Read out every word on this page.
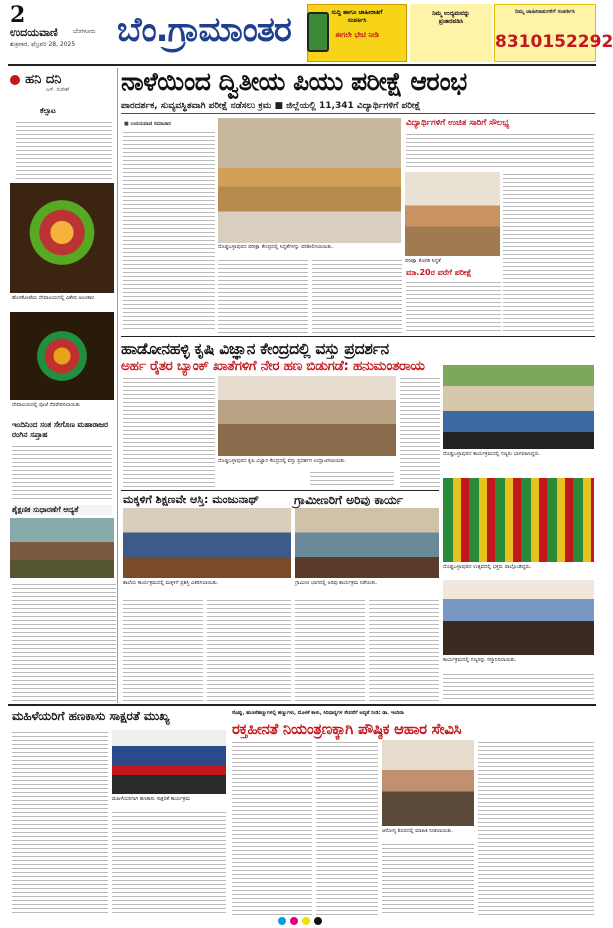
2
ಉದಯವಾಣಿ	ಬೆಂಗಳೂರು
ಶುಕ್ರವಾರ, ಫೆಬ್ರವರಿ 28, 2025 ಬೆಂ.ಗ್ರಾಮಾಂತರ	ಸುದ್ದಿ ಹಾಗೂ ಜಾಹೀರಾತಿಗೆ
ಸಂಪರ್ಕಿಸಿ
ಈಗಲೇ ಭೇಟಿ ನೀಡಿ
ನಿಮ್ಮ ಉದ್ಯಮವನ್ನು
ಪ್ರಚಾರಪಡಿಸಿ
ನಿಮ್ಮ ಜಾಹೀರಾತುಗಳಿಗೆ ಸಂಪರ್ಕಿಸಿ
8310152292
ಹನಿ ದನಿ
ಎಸ್. ಸುರೇಶ್
ಕೆಲ್ಸಾಟ
ಹೊಸಕೋಟೆಯ ದೇವಾಲಯದಲ್ಲಿ ವಿಶೇಷ ಅಲಂಕಾರ
ದೇವಾಲಯದಲ್ಲಿ ಪೂಜೆ ನೆರವೇರಿಸಲಾಯಿತು
ಇಂದಿನಿಂದ ಸಂತ ಸೇಗೊಣ ಮಹಾರಾಜರ ರಂಗಿನ ಸಪ್ತಾಹ
ಶೈಕ್ಷಣಿಕ ಸುಧಾರಣೆಗೆ ಆದ್ಯತೆ
ನಾಳೆಯಿಂದ ದ್ವಿತೀಯ ಪಿಯು ಪರೀಕ್ಷೆ ಆರಂಭ
ಪಾರದರ್ಶಕ, ಸುವ್ಯವಸ್ಥಿತವಾಗಿ ಪರೀಕ್ಷೆ ನಡೆಸಲು ಕ್ರಮ ■ ಜಿಲ್ಲೆಯಲ್ಲಿ 11,341 ವಿದ್ಯಾರ್ಥಿಗಳಿಗೆ ಪರೀಕ್ಷೆ
■ ಉದಯವಾಣಿ ಸಮಾಚಾರ
ದೊಡ್ಡಬಳ್ಳಾಪುರದ ಪರೀಕ್ಷಾ ಕೇಂದ್ರದಲ್ಲಿ ಸಿದ್ಧತೆಗಳನ್ನು ಪರಿಶೀಲಿಸಲಾಯಿತು.
ವಿದ್ಯಾರ್ಥಿಗಳಿಗೆ ಉಚಿತ ಸಾರಿಗೆ ಸೌಲಭ್ಯ
ಪರೀಕ್ಷಾ ಕೊಠಡಿ ಸಿದ್ಧತೆ
ಮಾ.20ರ ವರೆಗೆ ಪರೀಕ್ಷೆ
ಹಾಡೋನಹಳ್ಳಿ ಕೃಷಿ ವಿಜ್ಞಾನ ಕೇಂದ್ರದಲ್ಲಿ ವಸ್ತು ಪ್ರದರ್ಶನ
ಅರ್ಹ ರೈತರ ಬ್ಯಾಂಕ್ ಖಾತೆಗಳಿಗೆ ನೇರ ಹಣ ಬಿಡುಗಡೆ: ಹನುಮಂತರಾಯ
ದೊಡ್ಡಬಳ್ಳಾಪುರದ ಕೃಷಿ ವಿಜ್ಞಾನ ಕೇಂದ್ರದಲ್ಲಿ ವಸ್ತು ಪ್ರದರ್ಶನ ಉದ್ಘಾಟಿಸಲಾಯಿತು.
ದೊಡ್ಡಬಳ್ಳಾಪುರದ ಕಾರ್ಯಕ್ರಮದಲ್ಲಿ ಗಣ್ಯರು ಭಾಗವಹಿಸಿದ್ದರು.
ಮಕ್ಕಳಿಗೆ ಶಿಕ್ಷಣವೇ ಆಸ್ತಿ: ಮಂಜುನಾಥ್	ಗ್ರಾಮೀಣರಿಗೆ ಅರಿವು ಕಾರ್ಯ
ಶಾಲೆಯ ಕಾರ್ಯಕ್ರಮದಲ್ಲಿ ಮಕ್ಕಳಿಗೆ ಪ್ರಶಸ್ತಿ ವಿತರಿಸಲಾಯಿತು.	ಗ್ರಾಮೀಣ ಭಾಗದಲ್ಲಿ ಅರಿವು ಕಾರ್ಯಕ್ರಮ ನಡೆಯಿತು.
ದೊಡ್ಡಬಳ್ಳಾಪುರದ ಉತ್ಸವದಲ್ಲಿ ಭಕ್ತರು ಪಾಲ್ಗೊಂಡಿದ್ದರು.
ಕಾರ್ಯಕ್ರಮದಲ್ಲಿ ಗಣ್ಯರನ್ನು ಸನ್ಮಾನಿಸಲಾಯಿತು.
ಮಹಿಳೆಯರಿಗೆ ಹಣಕಾಸು ಸಾಕ್ಷರತೆ ಮುಖ್ಯ	ಸೊಪ್ಪು, ಹುಣಸೆಹಣ್ಣುಗಳಲ್ಲಿ ಹಣ್ಣುಗಳು, ಮೊಳಕೆ ಕಾಳು, ಸಿರಿಧಾನ್ಯಗಳ ಸೇವನೆಗೆ ಆದ್ಯತೆ ನೀಡಿ: ಡಾ. ಇಂದಿರಾ
ರಕ್ತಹೀನತೆ ನಿಯಂತ್ರಣಕ್ಕಾಗಿ ಪೌಷ್ಠಿಕ ಆಹಾರ ಸೇವಿಸಿ
ಮಹಿಳೆಯರಿಗಾಗಿ ಹಣಕಾಸು ಸಾಕ್ಷರತೆ ಕಾರ್ಯಕ್ರಮ
ಆರೋಗ್ಯ ಶಿಬಿರದಲ್ಲಿ ಮಾಹಿತಿ ನೀಡಲಾಯಿತು.
